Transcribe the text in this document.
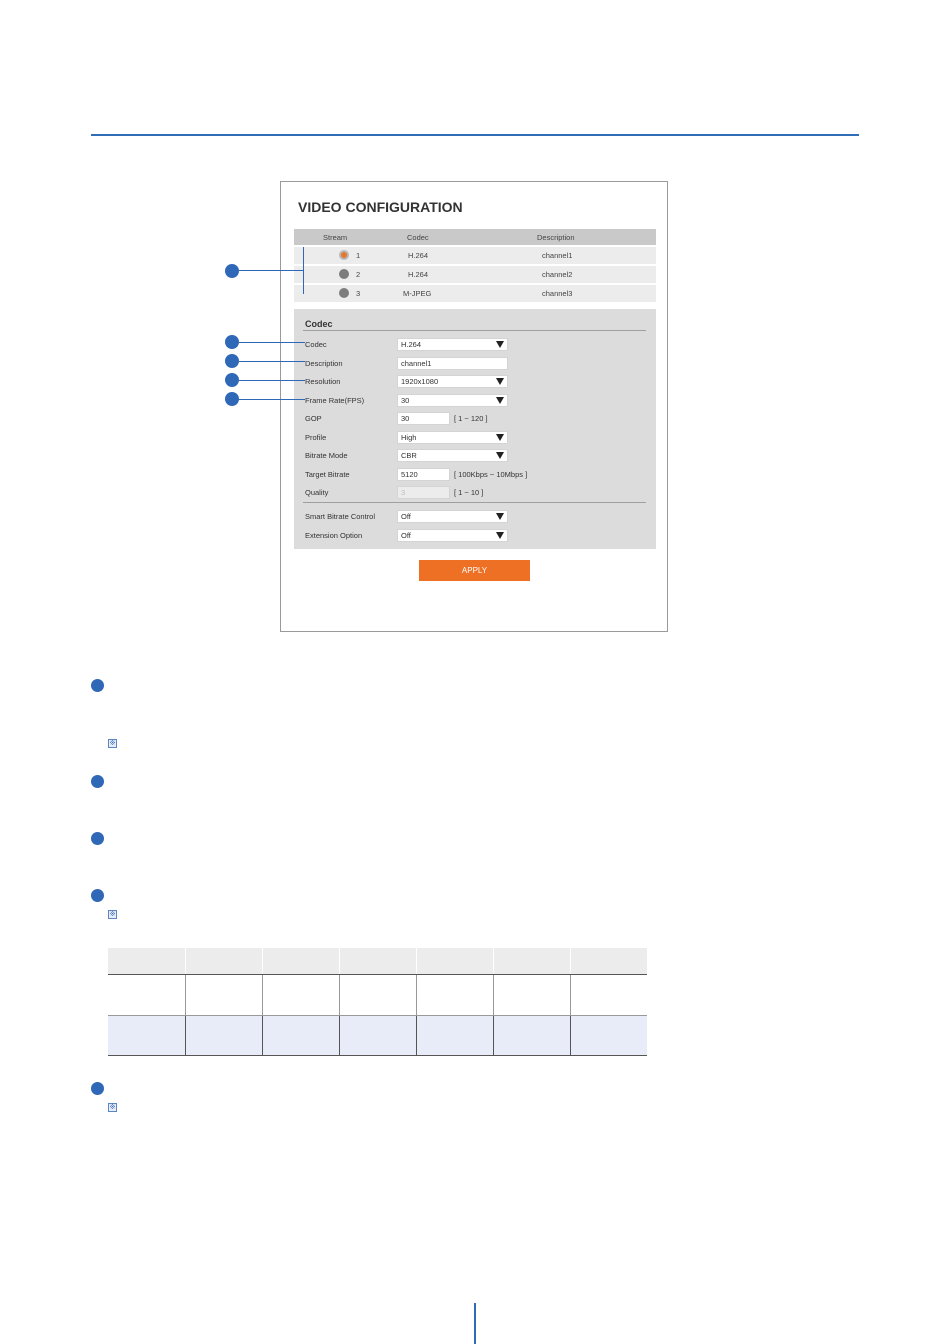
VIDEO CONFIGURATION
Stream	Codec	Description
1	H.264	channel1
2	H.264	channel2
3	M-JPEG	channel3
Codec
Codec	H.264
Description	channel1
Resolution	1920x1080
Frame Rate(FPS)	30
GOP	30	[ 1 ~ 120 ]
Profile	High
Bitrate Mode	CBR
Target Bitrate	5120	[ 100Kbps ~ 10Mbps ]
Quality	3	[ 1 ~ 10 ]
Smart Bitrate Control	Off
Extension Option	Off
APPLY
※
※
※
